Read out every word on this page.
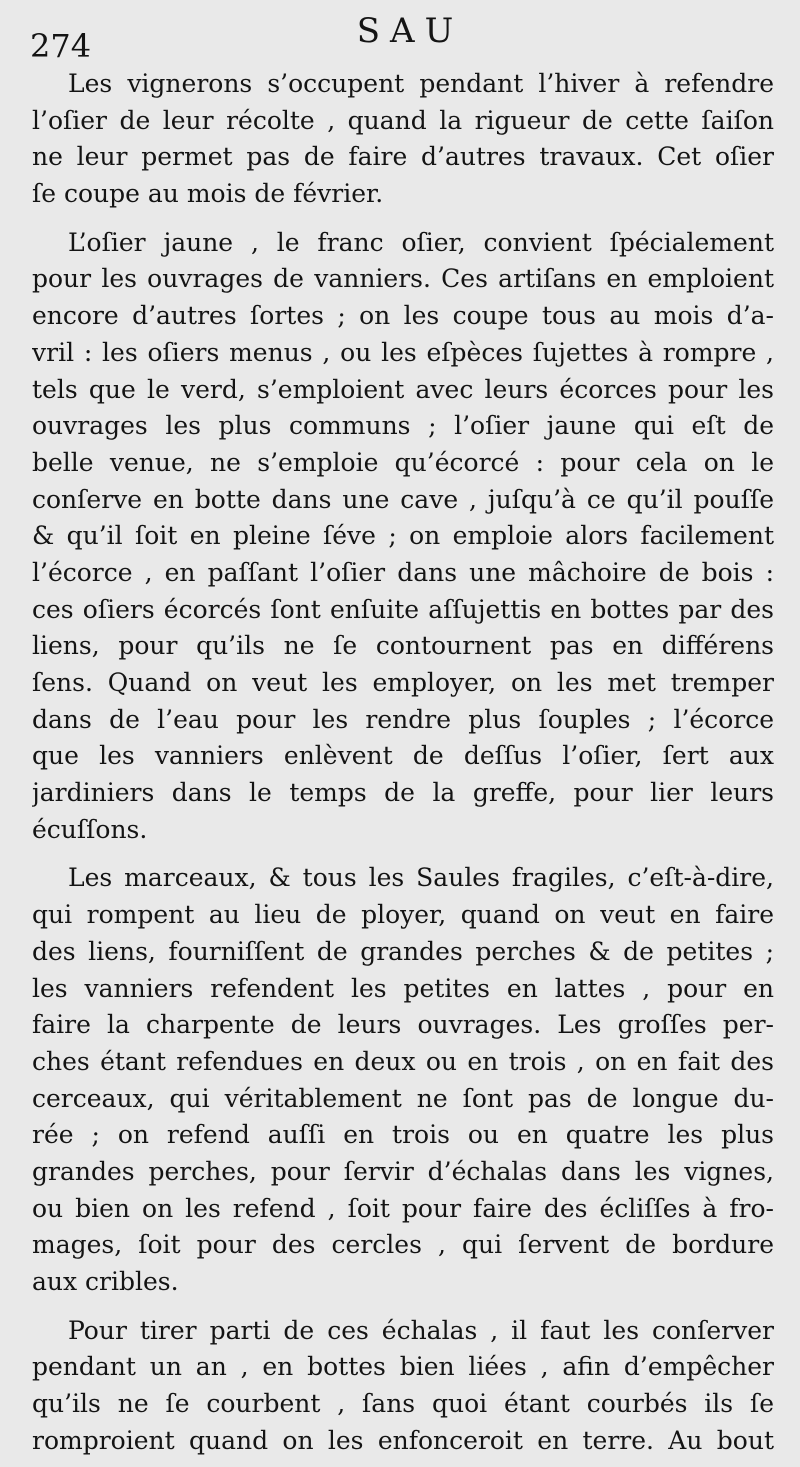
274	SAU
Les vignerons s’occupent pendant l’hiver à refendre
l’oſier de leur récolte , quand la rigueur de cette ſaiſon
ne leur permet pas de faire d’autres travaux. Cet oſier
ſe coupe au mois de février.
L’oſier jaune , le franc oſier, convient ſpécialement
pour les ouvrages de vanniers. Ces artiſans en emploient
encore d’autres ſortes ; on les coupe tous au mois d’a-
vril : les oſiers menus , ou les eſpèces ſujettes à rompre ,
tels que le verd, s’emploient avec leurs écorces pour les
ouvrages les plus communs ; l’oſier jaune qui eſt de
belle venue, ne s’emploie qu’écorcé : pour cela on le
conſerve en botte dans une cave , juſqu’à ce qu’il pouſſe
& qu’il ſoit en pleine ſéve ; on emploie alors facilement
l’écorce , en paſſant l’oſier dans une mâchoire de bois :
ces oſiers écorcés ſont enſuite aſſujettis en bottes par des
liens, pour qu’ils ne ſe contournent pas en différens
ſens. Quand on veut les employer, on les met tremper
dans de l’eau pour les rendre plus ſouples ; l’écorce
que les vanniers enlèvent de deſſus l’oſier, ſert aux
jardiniers dans le temps de la greffe, pour lier leurs
écuſſons.
Les marceaux, & tous les Saules fragiles, c’eſt-à-dire,
qui rompent au lieu de ployer, quand on veut en faire
des liens, fourniſſent de grandes perches & de petites ;
les vanniers refendent les petites en lattes , pour en
faire la charpente de leurs ouvrages. Les groſſes per-
ches étant refendues en deux ou en trois , on en fait des
cerceaux, qui véritablement ne ſont pas de longue du-
rée ; on refend auſſi en trois ou en quatre les plus
grandes perches, pour ſervir d’échalas dans les vignes,
ou bien on les refend , ſoit pour faire des écliſſes à fro-
mages, ſoit pour des cercles , qui ſervent de bordure
aux cribles.
Pour tirer parti de ces échalas , il faut les conſerver
pendant un an , en bottes bien liées , afin d’empêcher
qu’ils ne ſe courbent , ſans quoi étant courbés ils ſe
romproient quand on les enfonceroit en terre. Au bout
